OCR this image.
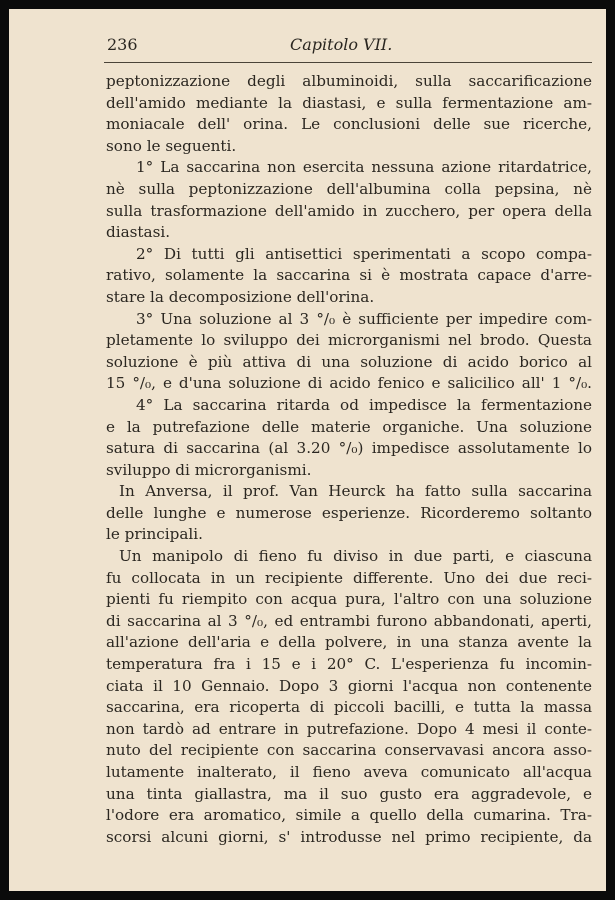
236	Capitolo VII.

peptonizzazione degli albuminoidi, sulla saccarificazione
dell'amido mediante la diastasi, e sulla fermentazione am-
moniacale dell' orina. Le conclusioni delle sue ricerche,
sono le seguenti.
1° La saccarina non esercita nessuna azione ritardatrice,
nè sulla peptonizzazione dell'albumina colla pepsina, nè
sulla trasformazione dell'amido in zucchero, per opera della
diastasi.
2° Di tutti gli antisettici sperimentati a scopo compa-
rativo, solamente la saccarina si è mostrata capace d'arre-
stare la decomposizione dell'orina.
3° Una soluzione al 3 °/₀ è sufficiente per impedire com-
pletamente lo sviluppo dei microrganismi nel brodo. Questa
soluzione è più attiva di una soluzione di acido borico al
15 °/₀, e d'una soluzione di acido fenico e salicilico all' 1 °/₀.
4° La saccarina ritarda od impedisce la fermentazione
e la putrefazione delle materie organiche. Una soluzione
satura di saccarina (al 3.20 °/₀) impedisce assolutamente lo
sviluppo di microrganismi.
In Anversa, il prof. Van Heurck ha fatto sulla saccarina
delle lunghe e numerose esperienze. Ricorderemo soltanto
le principali.
Un manipolo di fieno fu diviso in due parti, e ciascuna
fu collocata in un recipiente differente. Uno dei due reci-
pienti fu riempito con acqua pura, l'altro con una soluzione
di saccarina al 3 °/₀, ed entrambi furono abbandonati, aperti,
all'azione dell'aria e della polvere, in una stanza avente la
temperatura fra i 15 e i 20° C. L'esperienza fu incomin-
ciata il 10 Gennaio. Dopo 3 giorni l'acqua non contenente
saccarina, era ricoperta di piccoli bacilli, e tutta la massa
non tardò ad entrare in putrefazione. Dopo 4 mesi il conte-
nuto del recipiente con saccarina conservavasi ancora asso-
lutamente inalterato, il fieno aveva comunicato all'acqua
una tinta giallastra, ma il suo gusto era aggradevole, e
l'odore era aromatico, simile a quello della cumarina. Tra-
scorsi alcuni giorni, s' introdusse nel primo recipiente, da
